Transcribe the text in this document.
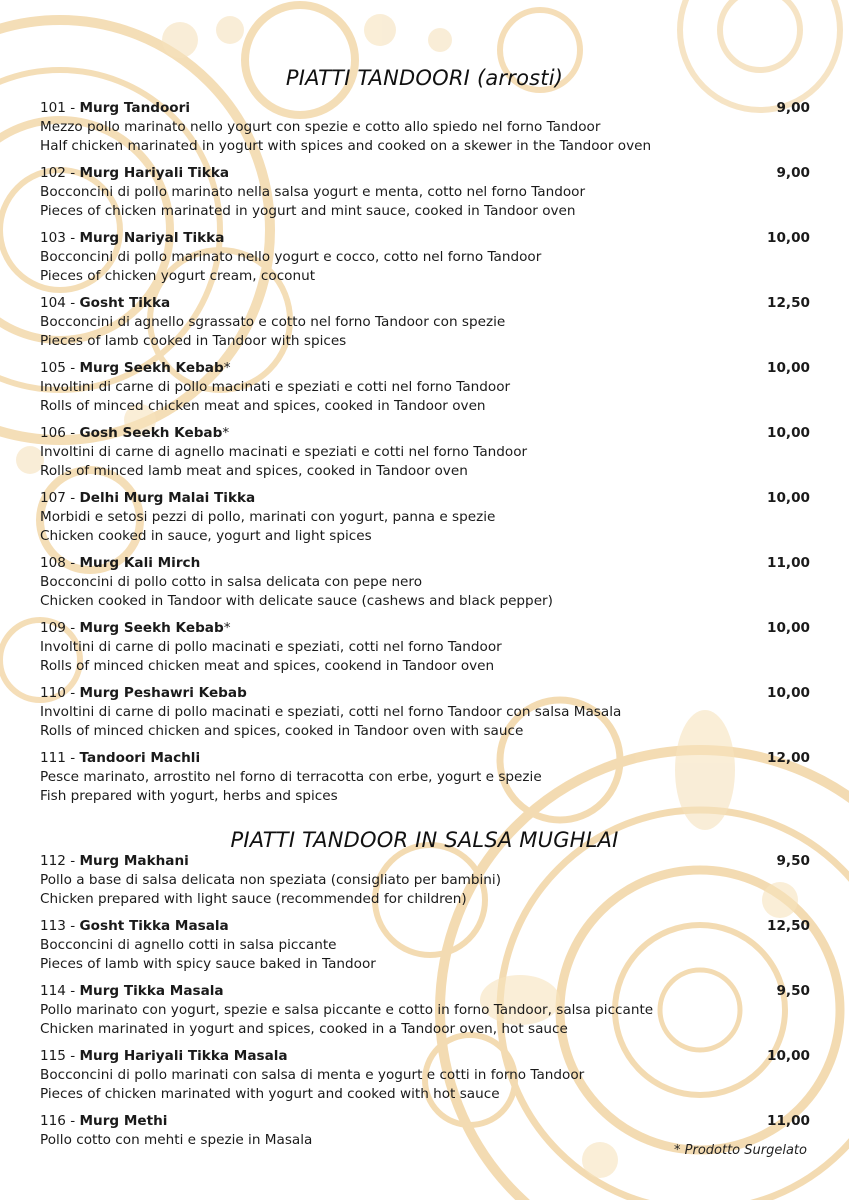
PIATTI TANDOORI (arrosti)
101 - Murg Tandoori	9,00
Mezzo pollo marinato nello yogurt con spezie e cotto allo spiedo nel forno Tandoor
Half chicken marinated in yogurt with spices and cooked on a skewer in the Tandoor oven
102 - Murg Hariyali Tikka	9,00
Bocconcini di pollo marinato nella salsa yogurt e menta, cotto nel forno Tandoor
Pieces of chicken marinated in yogurt and mint sauce, cooked in Tandoor oven
103 - Murg Nariyal Tikka	10,00
Bocconcini di pollo marinato nello yogurt e cocco, cotto nel forno Tandoor
Pieces of chicken yogurt cream, coconut
104 - Gosht Tikka	12,50
Bocconcini di agnello sgrassato e cotto nel forno Tandoor con spezie
Pieces of lamb cooked in Tandoor with spices
105 - Murg Seekh Kebab*	10,00
Involtini di carne di pollo macinati e speziati e cotti nel forno Tandoor
Rolls of minced chicken meat and spices, cooked in Tandoor oven
106 - Gosh Seekh Kebab*	10,00
Involtini di carne di agnello macinati e speziati e cotti nel forno Tandoor
Rolls of minced lamb meat and spices, cooked in Tandoor oven
107 - Delhi Murg Malai Tikka	10,00
Morbidi e setosi pezzi di pollo, marinati con yogurt, panna e spezie
Chicken cooked in sauce, yogurt and light spices
108 - Murg Kali Mirch	11,00
Bocconcini di pollo cotto in salsa delicata con pepe nero
Chicken cooked in Tandoor with delicate sauce (cashews and black pepper)
109 - Murg Seekh Kebab*	10,00
Involtini di carne di pollo macinati e speziati, cotti nel forno Tandoor
Rolls of minced chicken meat and spices, cookend in Tandoor oven
110 - Murg Peshawri Kebab	10,00
Involtini di carne di pollo macinati e speziati, cotti nel forno Tandoor con salsa Masala
Rolls of minced chicken and spices, cooked in Tandoor oven with sauce
111 - Tandoori Machli	12,00
Pesce marinato, arrostito nel forno di terracotta con erbe, yogurt e spezie
Fish prepared with yogurt, herbs and spices
PIATTI TANDOOR IN SALSA MUGHLAI
112 - Murg Makhani	9,50
Pollo a base di salsa delicata non speziata (consigliato per bambini)
Chicken prepared with light sauce (recommended for children)
113 - Gosht Tikka Masala	12,50
Bocconcini di agnello cotti in salsa piccante
Pieces of lamb with spicy sauce baked in Tandoor
114 - Murg Tikka Masala	9,50
Pollo marinato con yogurt, spezie e salsa piccante e cotto in forno Tandoor, salsa piccante
Chicken marinated in yogurt and spices, cooked in a Tandoor oven, hot sauce
115 - Murg Hariyali Tikka Masala	10,00
Bocconcini di pollo marinati con salsa di menta e yogurt e cotti in forno Tandoor
Pieces of chicken marinated with yogurt and cooked with hot sauce
116 - Murg Methi	11,00
Pollo cotto con mehti e spezie in Masala
* Prodotto Surgelato
